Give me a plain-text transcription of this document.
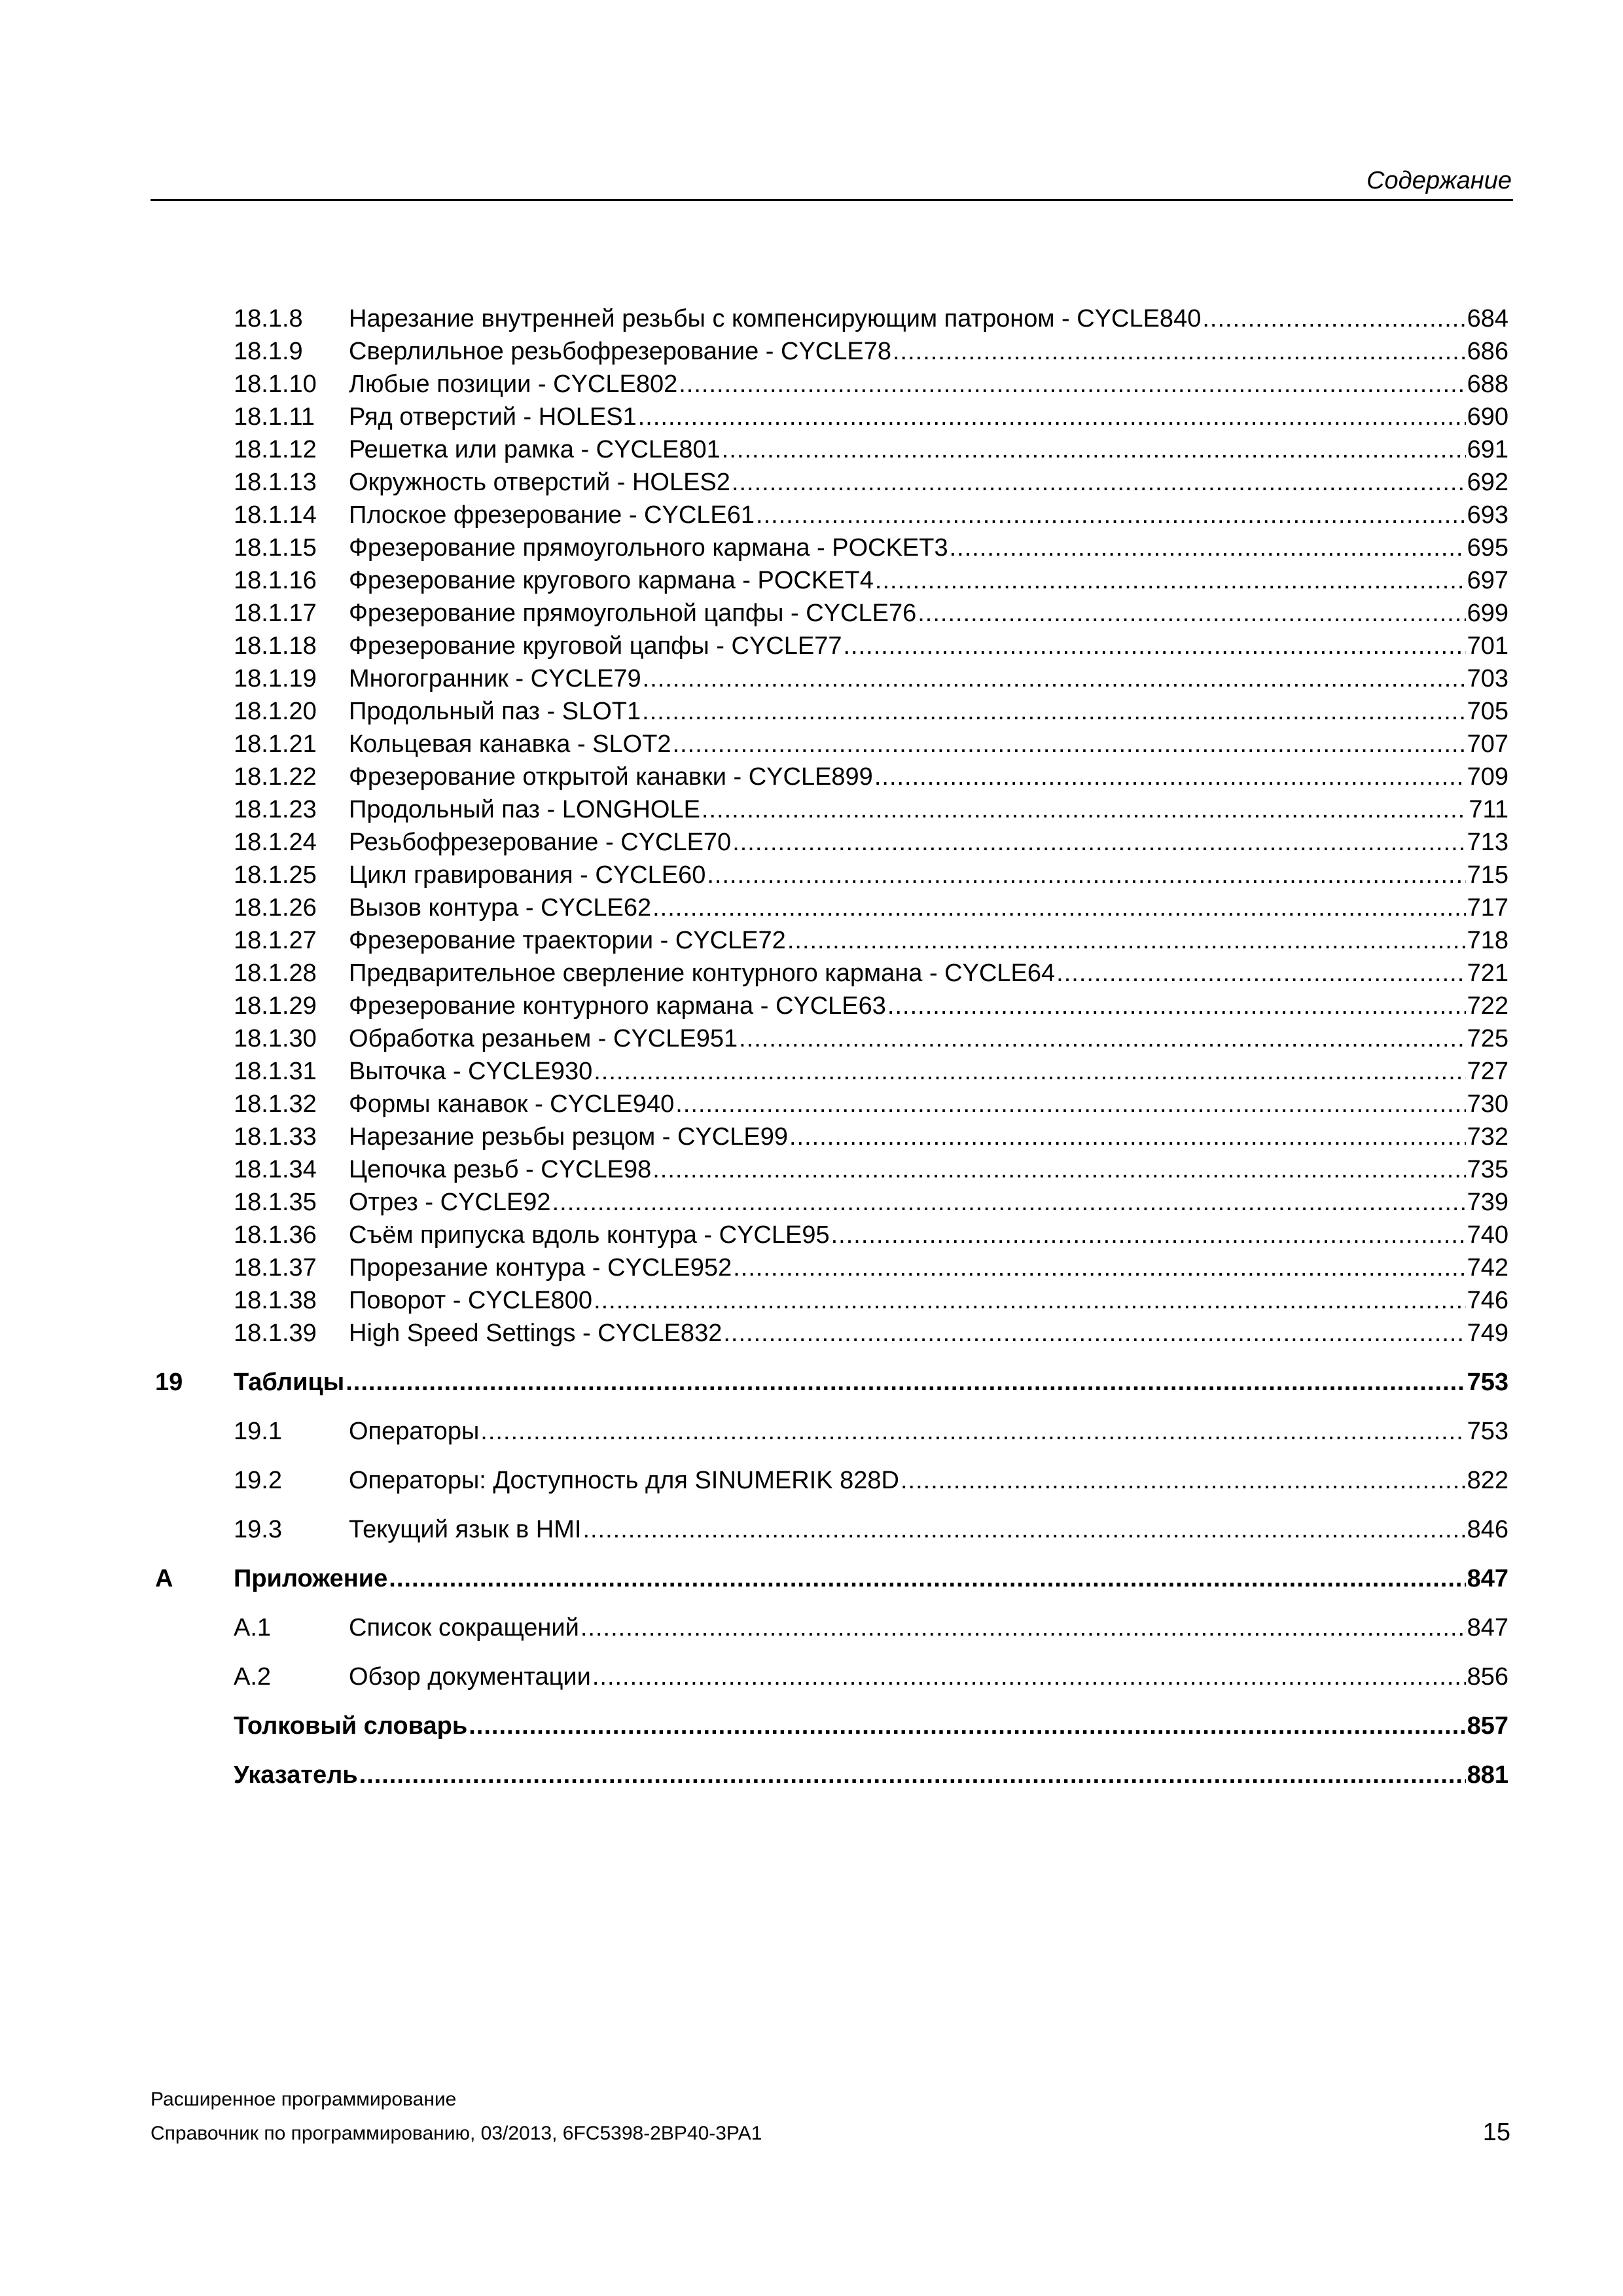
Содержание
18.1.8 Нарезание внутренней резьбы с компенсирующим патроном - CYCLE840 .....	684
18.1.9 Сверлильное резьбофрезерование - CYCLE78 .....	686
18.1.10 Любые позиции - CYCLE802 .....	688
18.1.11 Ряд отверстий - HOLES1 .....	690
18.1.12 Решетка или рамка - CYCLE801 .....	691
18.1.13 Окружность отверстий - HOLES2 .....	692
18.1.14 Плоское фрезерование - CYCLE61 .....	693
18.1.15 Фрезерование прямоугольного кармана - POCKET3 .....	695
18.1.16 Фрезерование кругового кармана - POCKET4 .....	697
18.1.17 Фрезерование прямоугольной цапфы - CYCLE76 .....	699
18.1.18 Фрезерование круговой цапфы - CYCLE77 .....	701
18.1.19 Многогранник - CYCLE79 .....	703
18.1.20 Продольный паз - SLOT1 .....	705
18.1.21 Кольцевая канавка - SLOT2 .....	707
18.1.22 Фрезерование открытой канавки - CYCLE899 .....	709
18.1.23 Продольный паз - LONGHOLE .....	711
18.1.24 Резьбофрезерование - CYCLE70 .....	713
18.1.25 Цикл гравирования - CYCLE60 .....	715
18.1.26 Вызов контура - CYCLE62 .....	717
18.1.27 Фрезерование траектории - CYCLE72 .....	718
18.1.28 Предварительное сверление контурного кармана - CYCLE64 .....	721
18.1.29 Фрезерование контурного кармана - CYCLE63 .....	722
18.1.30 Обработка резаньем - CYCLE951 .....	725
18.1.31 Выточка - CYCLE930 .....	727
18.1.32 Формы канавок - CYCLE940 .....	730
18.1.33 Нарезание резьбы резцом - CYCLE99 .....	732
18.1.34 Цепочка резьб - CYCLE98 .....	735
18.1.35 Отрез - CYCLE92 .....	739
18.1.36 Съём припуска вдоль контура - CYCLE95 .....	740
18.1.37 Прорезание контура - CYCLE952 .....	742
18.1.38 Поворот - CYCLE800 .....	746
18.1.39 High Speed Settings - CYCLE832 .....	749
19 Таблицы .....	753
19.1	Операторы .....	753
19.2	Операторы: Доступность для SINUMERIK 828D .....	822
19.3	Текущий язык в HMI .....	846
A Приложение .....	847
A.1	Список сокращений .....	847
A.2	Обзор документации .....	856
Толковый словарь .....	857
Указатель .....	881
Расширенное программирование
Справочник по программированию, 03/2013, 6FC5398-2BP40-3PA1	15
